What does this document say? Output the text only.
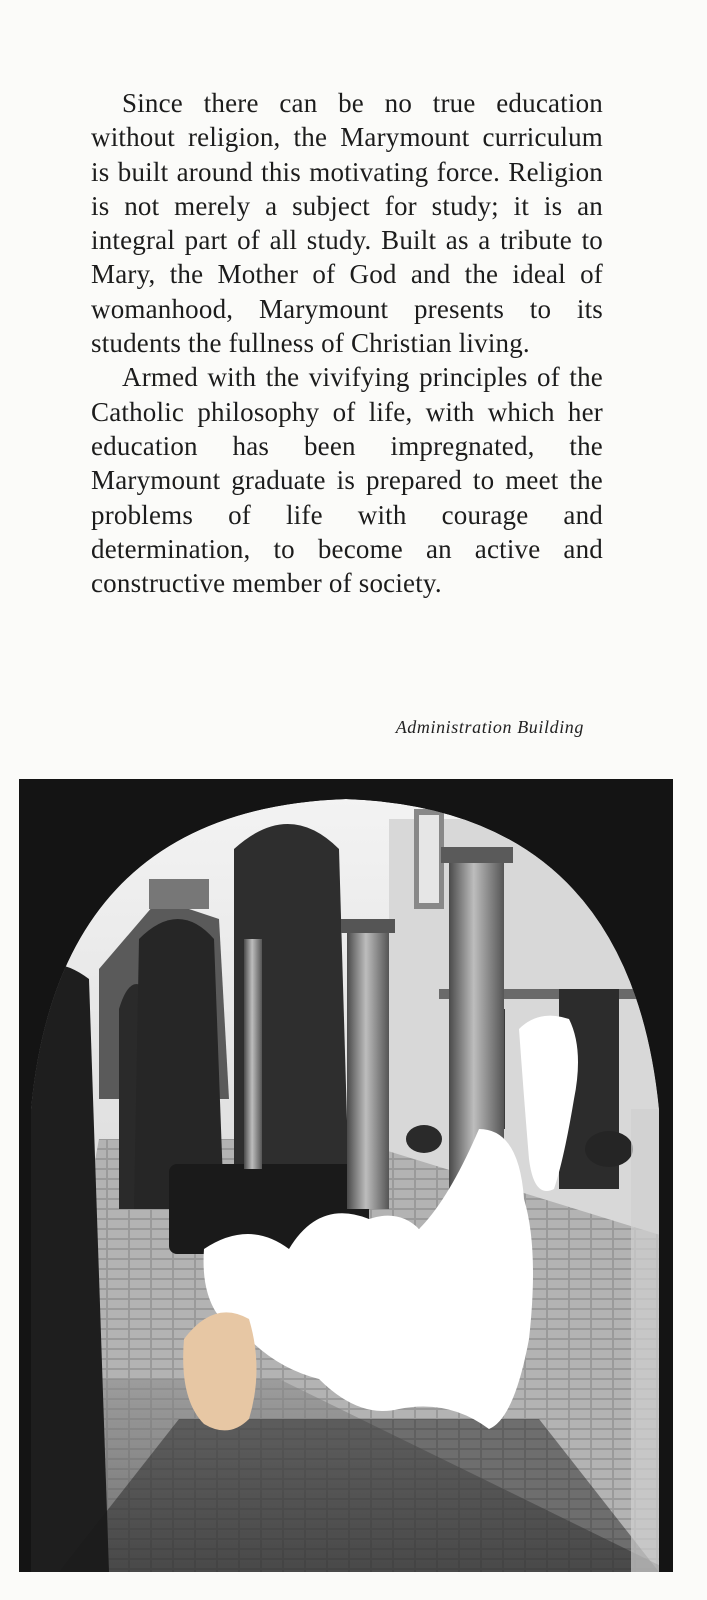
Since there can be no true education without religion, the Marymount curriculum is built around this motivating force. Religion is not merely a subject for study; it is an integral part of all study. Built as a tribute to Mary, the Mother of God and the ideal of womanhood, Marymount presents to its students the fullness of Christian living.

Armed with the vivifying principles of the Catholic philosophy of life, with which her education has been impregnated, the Marymount graduate is prepared to meet the problems of life with courage and determination, to become an active and constructive member of society.

Administration Building
